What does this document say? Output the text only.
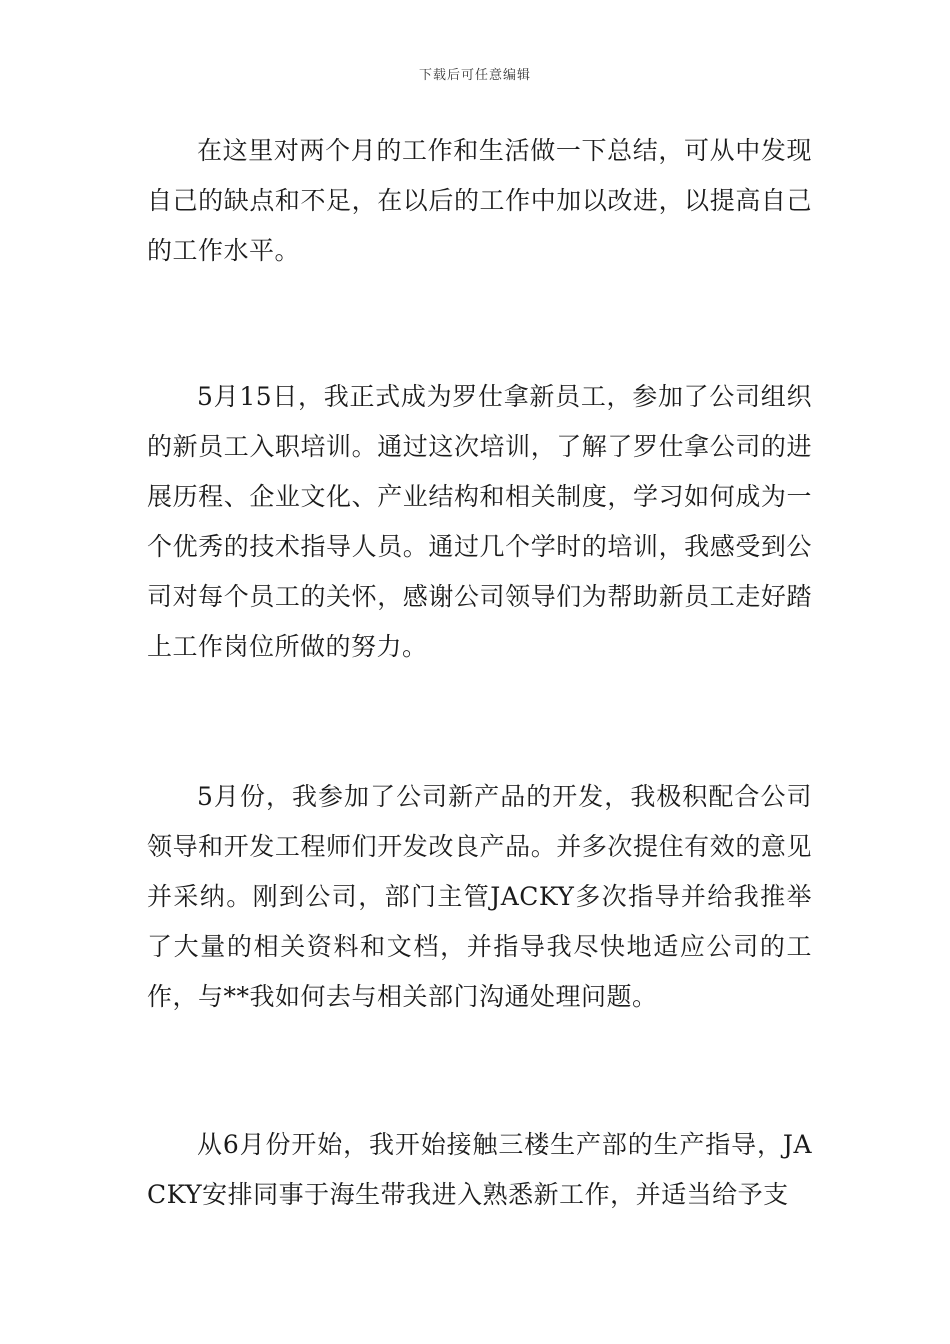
下载后可任意编辑

在这里对两个月的工作和生活做一下总结，可从中发现自己的缺点和不足，在以后的工作中加以改进，以提高自己的工作水平。

5月15日，我正式成为罗仕拿新员工，参加了公司组织的新员工入职培训。通过这次培训，了解了罗仕拿公司的进展历程、企业文化、产业结构和相关制度，学习如何成为一个优秀的技术指导人员。通过几个学时的培训，我感受到公司对每个员工的关怀，感谢公司领导们为帮助新员工走好踏上工作岗位所做的努力。

5月份，我参加了公司新产品的开发，我极积配合公司领导和开发工程师们开发改良产品。并多次提住有效的意见并采纳。刚到公司，部门主管JACKY多次指导并给我推举了大量的相关资料和文档，并指导我尽快地适应公司的工作，与**我如何去与相关部门沟通处理问题。

从6月份开始，我开始接触三楼生产部的生产指导，JACKY安排同事于海生带我进入熟悉新工作，并适当给予支
